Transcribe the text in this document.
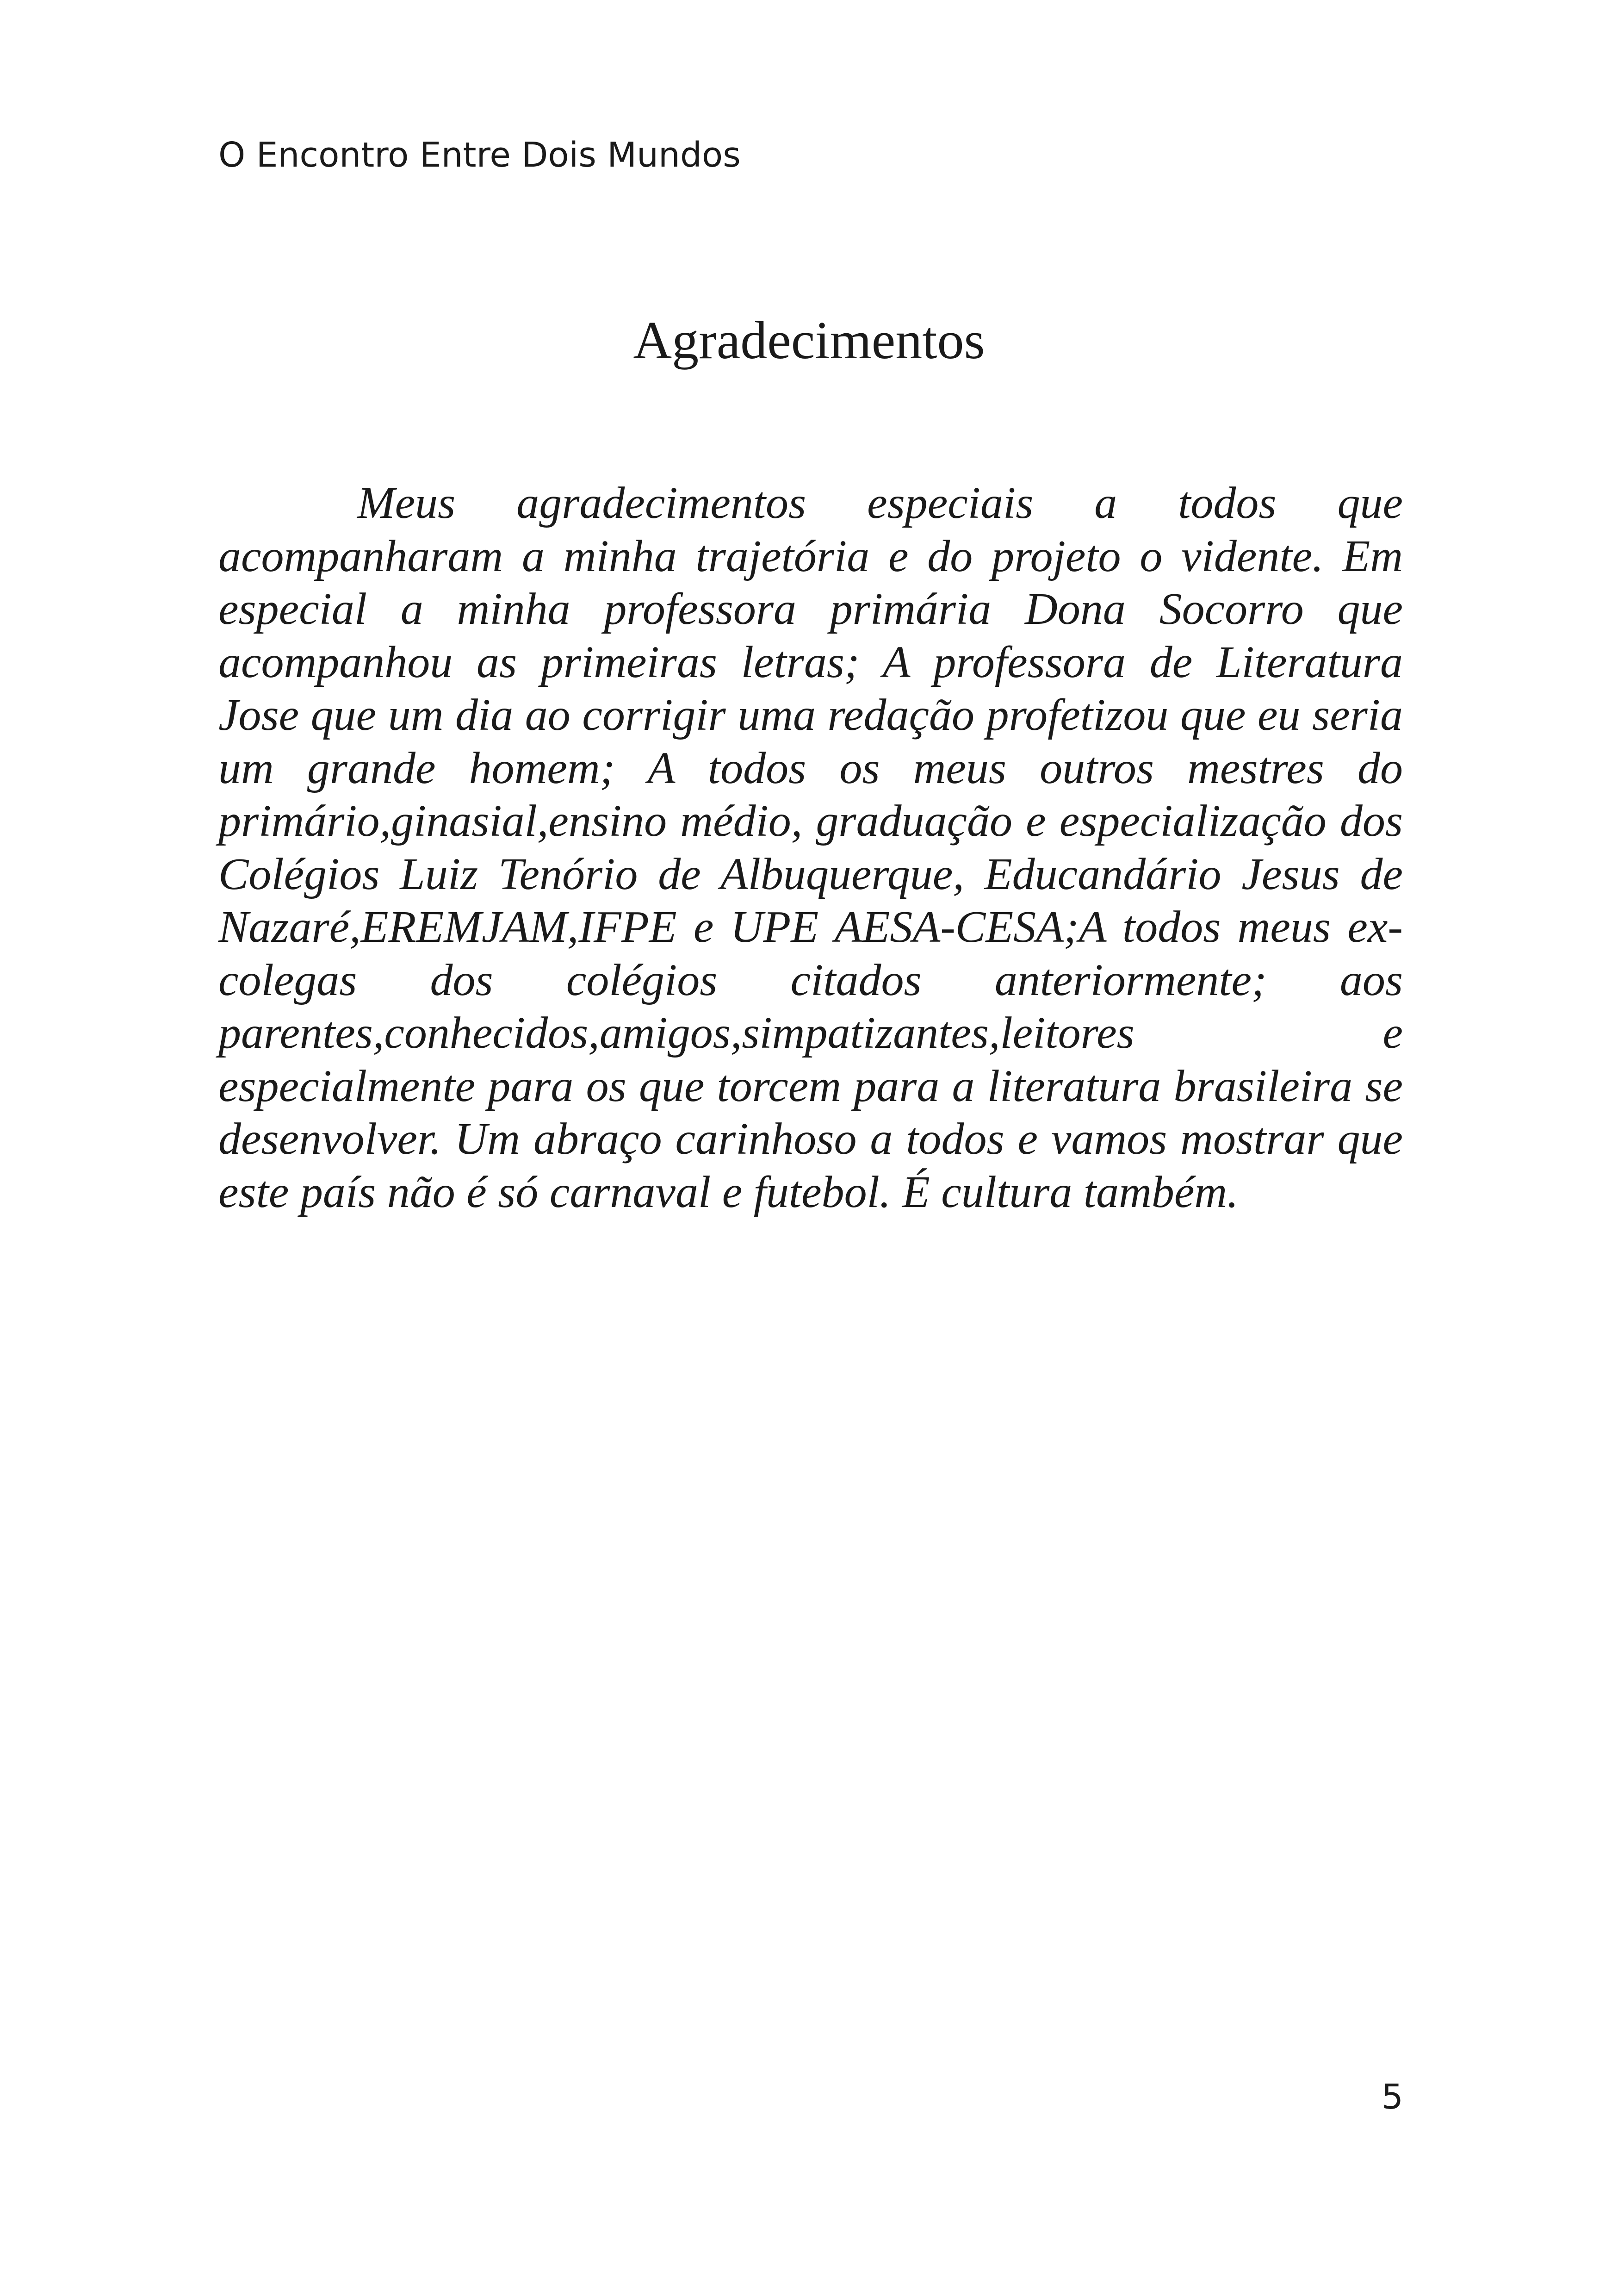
O Encontro Entre Dois Mundos
Agradecimentos

Meus agradecimentos especiais a todos que acompanharam a minha trajetória e do projeto o vidente. Em especial a minha professora primária Dona Socorro que acompanhou as primeiras letras; A professora de Literatura Jose que um dia ao corrigir uma redação profetizou que eu seria um grande homem; A todos os meus outros mestres do primário,ginasial,ensino médio, graduação e especialização dos Colégios Luiz Tenório de Albuquerque, Educandário Jesus de Nazaré,EREMJAM,IFPE e UPE AESA-CESA;A todos meus ex-colegas dos colégios citados anteriormente; aos parentes,conhecidos,amigos,simpatizantes,leitores e especialmente para os que torcem para a literatura brasileira se desenvolver. Um abraço carinhoso a todos e vamos mostrar que este país não é só carnaval e futebol. É cultura também.

5
